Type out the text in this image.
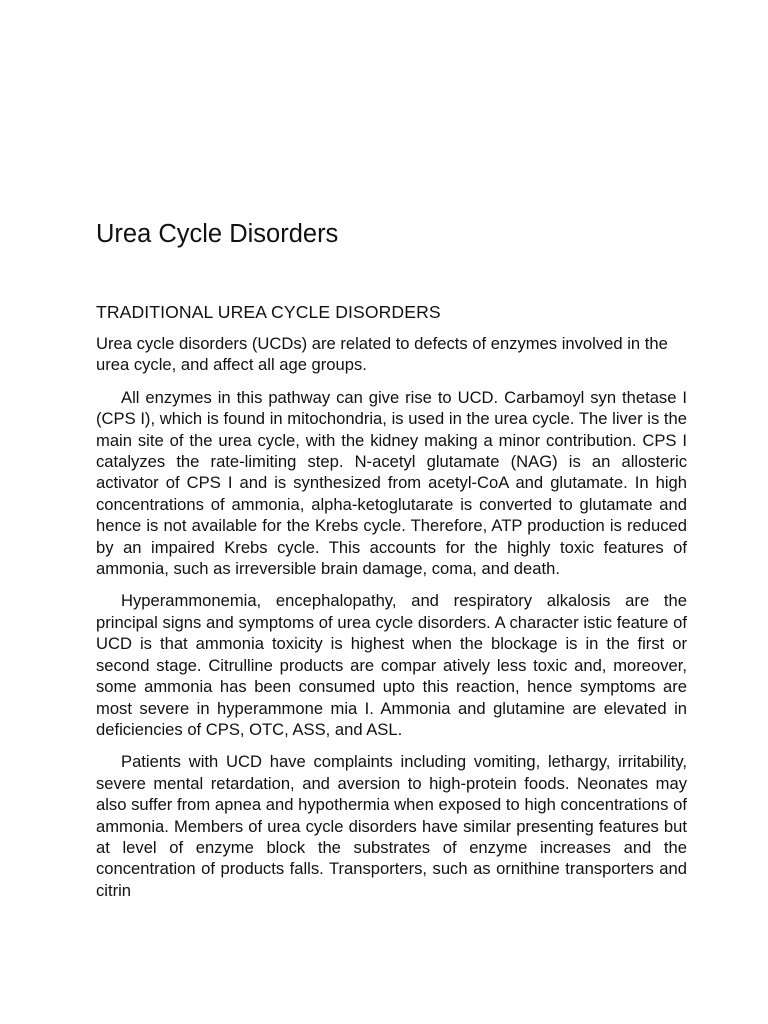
Urea Cycle Disorders
TRADITIONAL UREA CYCLE DISORDERS

Urea cycle disorders (UCDs) are related to defects of enzymes involved in the urea cycle, and affect all age groups.

All enzymes in this pathway can give rise to UCD. Carbamoyl syn thetase I (CPS I), which is found in mitochondria, is used in the urea cycle. The liver is the main site of the urea cycle, with the kidney making a minor contribution. CPS I catalyzes the rate-limiting step. N-acetyl glutamate (NAG) is an allosteric activator of CPS I and is synthesized from acetyl-CoA and glutamate. In high concentrations of ammonia, alpha-ketoglutarate is converted to glutamate and hence is not available for the Krebs cycle. Therefore, ATP production is reduced by an impaired Krebs cycle. This accounts for the highly toxic features of ammonia, such as irreversible brain damage, coma, and death.

Hyperammonemia, encephalopathy, and respiratory alkalosis are the principal signs and symptoms of urea cycle disorders. A character istic feature of UCD is that ammonia toxicity is highest when the blockage is in the first or second stage. Citrulline products are compar atively less toxic and, moreover, some ammonia has been consumed upto this reaction, hence symptoms are most severe in hyperammone mia I. Ammonia and glutamine are elevated in deficiencies of CPS, OTC, ASS, and ASL.

Patients with UCD have complaints including vomiting, lethargy, irritability, severe mental retardation, and aversion to high-protein foods. Neonates may also suffer from apnea and hypothermia when exposed to high concentrations of ammonia. Members of urea cycle disorders have similar presenting features but at level of enzyme block the substrates of enzyme increases and the concentration of products falls. Transporters, such as ornithine transporters and citrin
